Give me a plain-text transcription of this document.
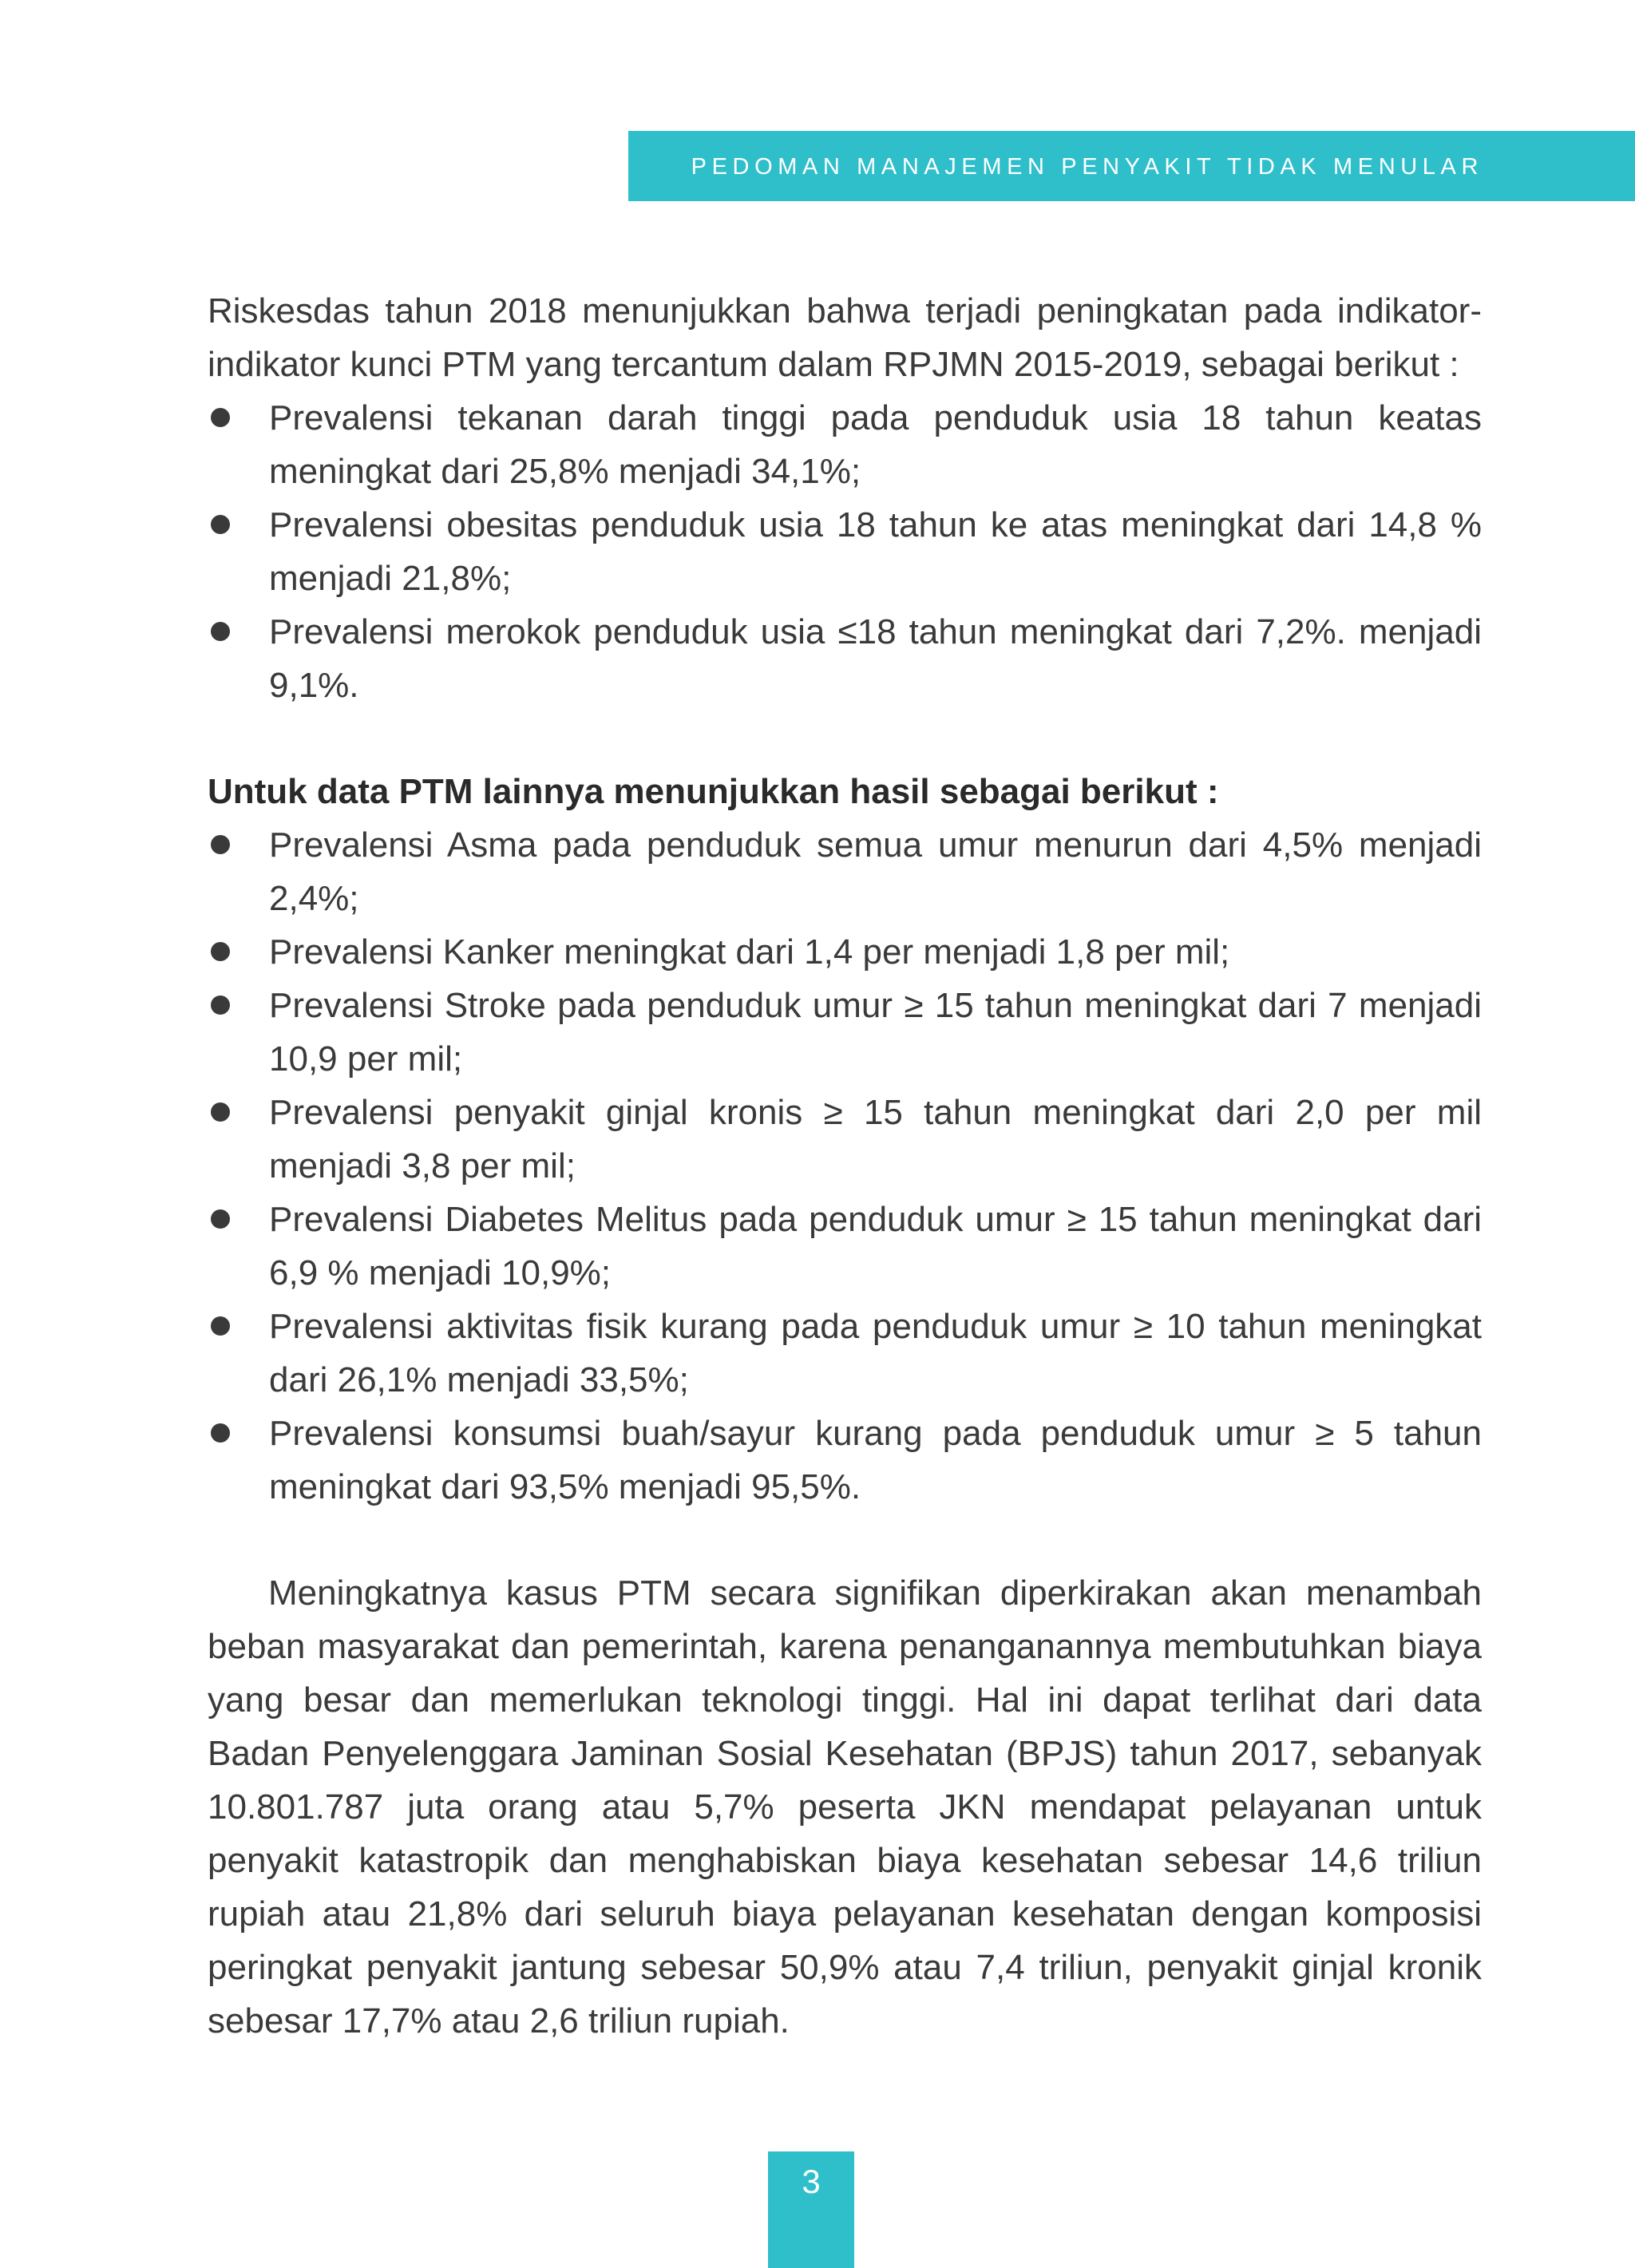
PEDOMAN MANAJEMEN PENYAKIT TIDAK MENULAR

Riskesdas tahun 2018 menunjukkan bahwa terjadi peningkatan pada indikator-indikator kunci PTM yang tercantum dalam RPJMN 2015-2019, sebagai berikut :

Prevalensi tekanan darah tinggi pada penduduk usia 18 tahun keatas meningkat dari 25,8% menjadi 34,1%;
Prevalensi obesitas penduduk usia 18 tahun ke atas meningkat dari 14,8 % menjadi 21,8%;
Prevalensi merokok penduduk usia ≤18 tahun meningkat dari 7,2%. menjadi 9,1%.

Untuk data PTM lainnya menunjukkan hasil sebagai berikut :

Prevalensi Asma pada penduduk semua umur menurun dari 4,5% menjadi 2,4%;
Prevalensi Kanker meningkat dari 1,4 per menjadi 1,8 per mil;
Prevalensi Stroke pada penduduk umur ≥ 15 tahun meningkat dari 7 menjadi 10,9 per mil;
Prevalensi penyakit ginjal kronis ≥ 15 tahun meningkat dari 2,0 per mil menjadi 3,8 per mil;
Prevalensi Diabetes Melitus pada penduduk umur ≥ 15 tahun meningkat dari 6,9 % menjadi 10,9%;
Prevalensi aktivitas fisik kurang pada penduduk umur ≥ 10 tahun meningkat dari 26,1% menjadi 33,5%;
Prevalensi konsumsi buah/sayur kurang pada penduduk umur ≥ 5 tahun meningkat dari 93,5% menjadi 95,5%.

Meningkatnya kasus PTM secara signifikan diperkirakan akan menambah beban masyarakat dan pemerintah, karena penanganannya membutuhkan biaya yang besar dan memerlukan teknologi tinggi. Hal ini dapat terlihat dari data Badan Penyelenggara Jaminan Sosial Kesehatan (BPJS) tahun 2017, sebanyak 10.801.787 juta orang atau 5,7% peserta JKN mendapat pelayanan untuk penyakit katastropik dan menghabiskan biaya kesehatan sebesar 14,6 triliun rupiah atau 21,8% dari seluruh biaya pelayanan kesehatan dengan komposisi peringkat penyakit jantung sebesar 50,9% atau 7,4 triliun, penyakit ginjal kronik sebesar 17,7% atau 2,6 triliun rupiah.

3
